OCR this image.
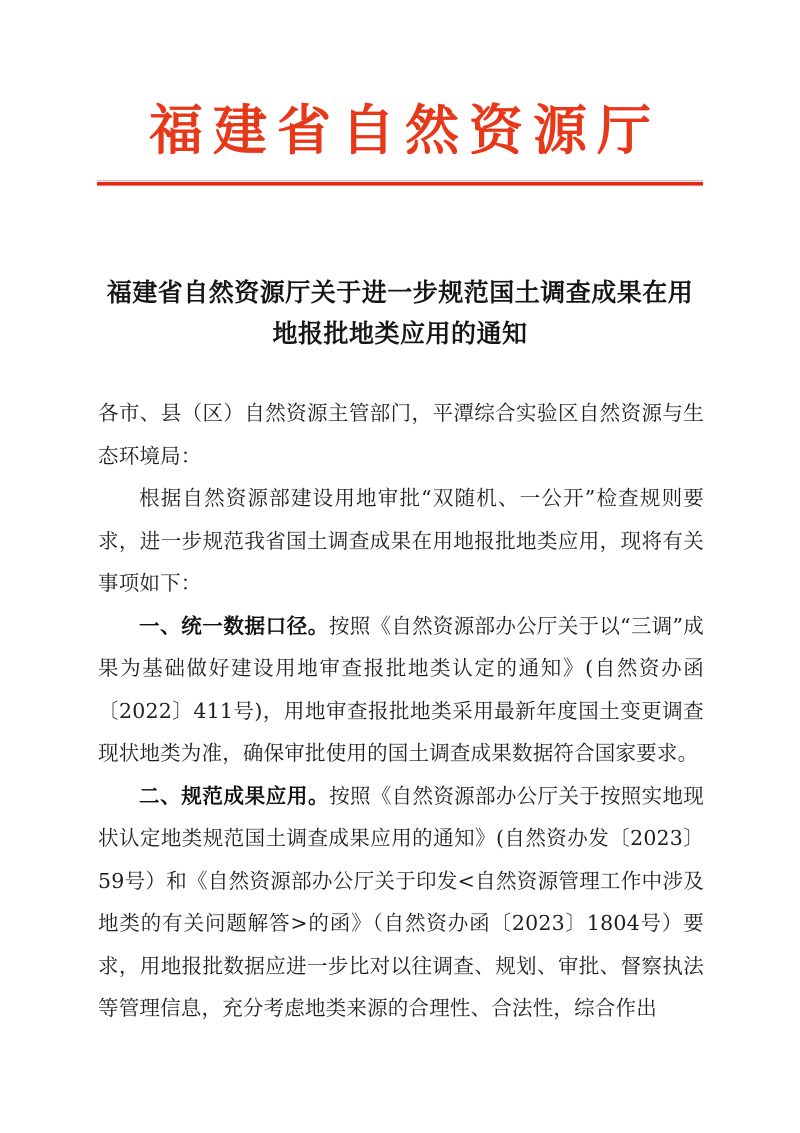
福建省自然资源厅
福建省自然资源厅关于进一步规范国土调查成果在用地报批地类应用的通知

各市、县（区）自然资源主管部门，平潭综合实验区自然资源与生态环境局：

根据自然资源部建设用地审批“双随机、一公开”检查规则要求，进一步规范我省国土调查成果在用地报批地类应用，现将有关事项如下：

一、统一数据口径。按照《自然资源部办公厅关于以“三调”成果为基础做好建设用地审查报批地类认定的通知》(自然资办函〔2022〕411号)，用地审查报批地类采用最新年度国土变更调查现状地类为准，确保审批使用的国土调查成果数据符合国家要求。

二、规范成果应用。按照《自然资源部办公厅关于按照实地现状认定地类规范国土调查成果应用的通知》(自然资办发〔2023〕59号）和《自然资源部办公厅关于印发<自然资源管理工作中涉及地类的有关问题解答>的函》（自然资办函〔2023〕1804号）要求，用地报批数据应进一步比对以往调查、规划、审批、督察执法等管理信息，充分考虑地类来源的合理性、合法性，综合作出
